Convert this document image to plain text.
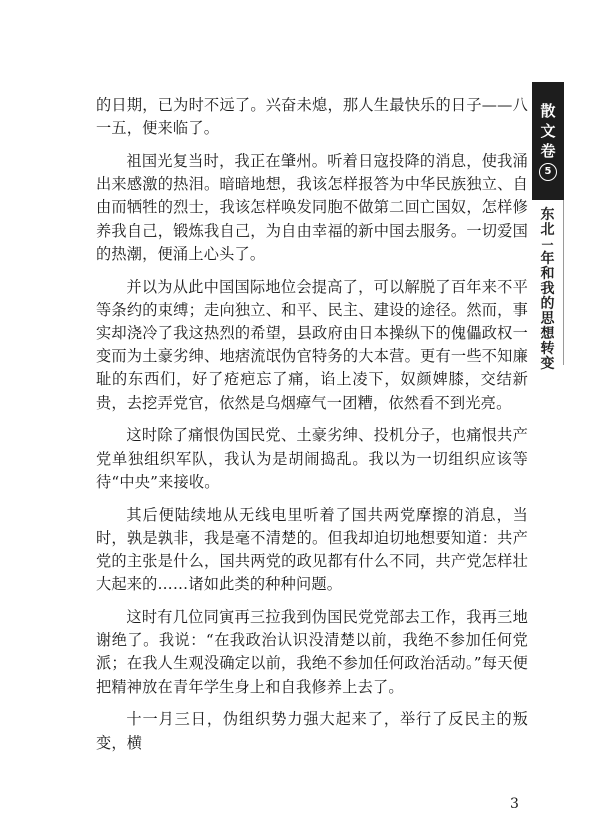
散
文
卷
5
东
北
一
年
和
我
的
思
想
转
变

的日期，已为时不远了。兴奋未熄，那人生最快乐的日子——八一五，便来临了。

祖国光复当时，我正在肇州。听着日寇投降的消息，使我涌出来感激的热泪。暗暗地想，我该怎样报答为中华民族独立、自由而牺牲的烈士，我该怎样唤发同胞不做第二回亡国奴，怎样修养我自己，锻炼我自己，为自由幸福的新中国去服务。一切爱国的热潮，便涌上心头了。

并以为从此中国国际地位会提高了，可以解脱了百年来不平等条约的束缚；走向独立、和平、民主、建设的途径。然而，事实却浇冷了我这热烈的希望，县政府由日本操纵下的傀儡政权一变而为土豪劣绅、地痞流氓伪官特务的大本营。更有一些不知廉耻的东西们，好了疮疤忘了痛，谄上凌下，奴颜婢膝，交结新贵，去挖弄党官，依然是乌烟瘴气一团糟，依然看不到光亮。

这时除了痛恨伪国民党、土豪劣绅、投机分子，也痛恨共产党单独组织军队，我认为是胡闹捣乱。我以为一切组织应该等待“中央”来接收。

其后便陆续地从无线电里听着了国共两党摩擦的消息，当时，孰是孰非，我是毫不清楚的。但我却迫切地想要知道：共产党的主张是什么，国共两党的政见都有什么不同，共产党怎样壮大起来的……诸如此类的种种问题。

这时有几位同寅再三拉我到伪国民党党部去工作，我再三地谢绝了。我说：“在我政治认识没清楚以前，我绝不参加任何党派；在我人生观没确定以前，我绝不参加任何政治活动。”每天便把精神放在青年学生身上和自我修养上去了。

十一月三日，伪组织势力强大起来了，举行了反民主的叛变，横

3
